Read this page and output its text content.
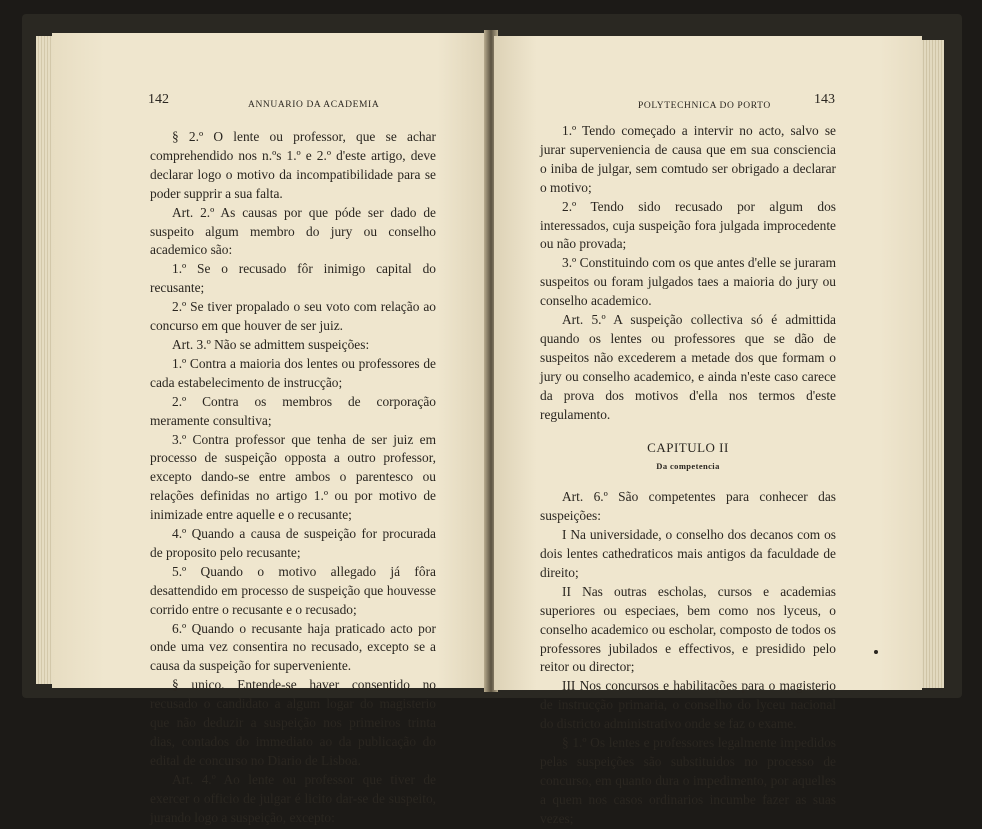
142	ANNUARIO DA ACADEMIA

§ 2.º O lente ou professor, que se achar comprehendido nos n.ºs 1.º e 2.º d'este artigo, deve declarar logo o motivo da incompatibilidade para se poder supprir a sua falta.

Art. 2.º As causas por que póde ser dado de suspeito algum membro do jury ou conselho academico são:

1.º Se o recusado fôr inimigo capital do recusante;

2.º Se tiver propalado o seu voto com relação ao concurso em que houver de ser juiz.

Art. 3.º Não se admittem suspeições:

1.º Contra a maioria dos lentes ou professores de cada estabelecimento de instrucção;

2.º Contra os membros de corporação meramente consultiva;

3.º Contra professor que tenha de ser juiz em processo de suspeição opposta a outro professor, excepto dando-se entre ambos o parentesco ou relações definidas no artigo 1.º ou por motivo de inimizade entre aquelle e o recusante;

4.º Quando a causa de suspeição for procurada de proposito pelo recusante;

5.º Quando o motivo allegado já fôra desattendido em processo de suspeição que houvesse corrido entre o recusante e o recusado;

6.º Quando o recusante haja praticado acto por onde uma vez consentira no recusado, excepto se a causa da suspeição for superveniente.

§ unico. Entende-se haver consentido no recusado o candidato a algum logar do magisterio que não deduzir a suspeição nos primeiros trinta dias, contados do immediato ao da publicação do edital de concurso no Diario de Lisboa.

Art. 4.º Ao lente ou professor que tiver de exercer o officio de julgar é licito dar-se de suspeito, jurando logo a suspeição, excepto:

POLYTECHNICA DO PORTO	143

1.º Tendo começado a intervir no acto, salvo se jurar superveniencia de causa que em sua consciencia o iniba de julgar, sem comtudo ser obrigado a declarar o motivo;

2.º Tendo sido recusado por algum dos interessados, cuja suspeição fora julgada improcedente ou não provada;

3.º Constituindo com os que antes d'elle se juraram suspeitos ou foram julgados taes a maioria do jury ou conselho academico.

Art. 5.º A suspeição collectiva só é admittida quando os lentes ou professores que se dão de suspeitos não excederem a metade dos que formam o jury ou conselho academico, e ainda n'este caso carece da prova dos motivos d'ella nos termos d'este regulamento.

CAPITULO II
Da competencia

Art. 6.º São competentes para conhecer das suspeições:

I Na universidade, o conselho dos decanos com os dois lentes cathedraticos mais antigos da faculdade de direito;

II Nas outras escholas, cursos e academias superiores ou especiaes, bem como nos lyceus, o conselho academico ou escholar, composto de todos os professores jubilados e effectivos, e presidido pelo reitor ou director;

III Nos concursos e habilitações para o magisterio de instrucção primaria, o conselho do lyceu nacional do districto administrativo onde se faz o exame.

§ 1.º Os lentes e professores legalmente impedidos pelas suspeições são substituidos no processo de concurso, em quanto dura o impedimento, por aquelles a quem nos casos ordinarios incumbe fazer as suas vezes;
